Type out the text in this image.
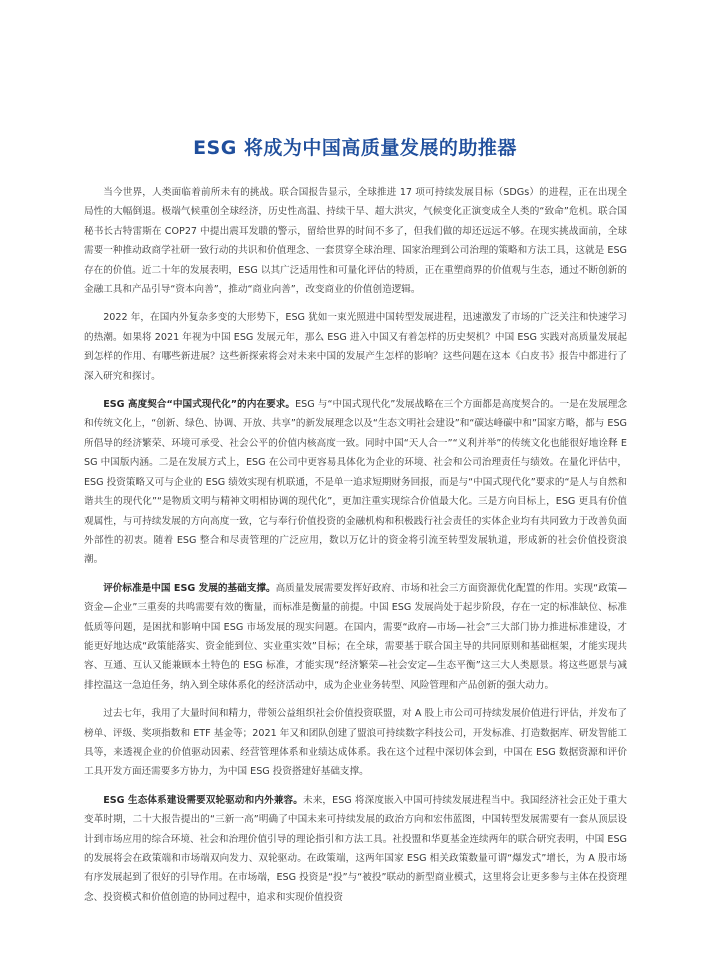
ESG 将成为中国高质量发展的助推器

当今世界，人类面临着前所未有的挑战。联合国报告显示，全球推进 17 项可持续发展目标（SDGs）的进程，正在出现全局性的大幅倒退。极端气候重创全球经济，历史性高温、持续干旱、超大洪灾，气候变化正演变成全人类的“致命”危机。联合国秘书长古特雷斯在 COP27 中提出震耳发聩的警示，留给世界的时间不多了，但我们做的却还远远不够。在现实挑战面前，全球需要一种推动政商学社研一致行动的共识和价值理念、一套贯穿全球治理、国家治理到公司治理的策略和方法工具，这就是 ESG 存在的价值。近二十年的发展表明，ESG 以其广泛适用性和可量化评估的特质，正在重塑商界的价值观与生态，通过不断创新的金融工具和产品引导“资本向善”，推动“商业向善”，改变商业的价值创造逻辑。

2022 年，在国内外复杂多变的大形势下，ESG 犹如一束光照进中国转型发展进程，迅速激发了市场的广泛关注和快速学习的热潮。如果将 2021 年视为中国 ESG 发展元年，那么 ESG 进入中国又有着怎样的历史契机？中国 ESG 实践对高质量发展起到怎样的作用、有哪些新进展？这些新探索将会对未来中国的发展产生怎样的影响？这些问题在这本《白皮书》报告中都进行了深入研究和探讨。

ESG 高度契合“中国式现代化”的内在要求。ESG 与“中国式现代化”发展战略在三个方面都是高度契合的。一是在发展理念和传统文化上，“创新、绿色、协调、开放、共享”的新发展理念以及“生态文明社会建设”和“碳达峰碳中和”国家方略，都与 ESG 所倡导的经济繁荣、环境可承受、社会公平的价值内核高度一致。同时中国“天人合一”“义利并举”的传统文化也能很好地诠释 ESG 中国版内涵。二是在发展方式上，ESG 在公司中更容易具体化为企业的环境、社会和公司治理责任与绩效。在量化评估中，ESG 投资策略又可与企业的 ESG 绩效实现有机联通，不是单一追求短期财务回报，而是与“中国式现代化”要求的“是人与自然和谐共生的现代化”“是物质文明与精神文明相协调的现代化”，更加注重实现综合价值最大化。三是方向目标上，ESG 更具有价值观属性，与可持续发展的方向高度一致，它与奉行价值投资的金融机构和积极践行社会责任的实体企业均有共同致力于改善负面外部性的初衷。随着 ESG 整合和尽责管理的广泛应用，数以万亿计的资金将引流至转型发展轨道，形成新的社会价值投资浪潮。

评价标准是中国 ESG 发展的基础支撑。高质量发展需要发挥好政府、市场和社会三方面资源优化配置的作用。实现“政策—资金—企业”三重奏的共鸣需要有效的衡量，而标准是衡量的前提。中国 ESG 发展尚处于起步阶段，存在一定的标准缺位、标准低质等问题，是困扰和影响中国 ESG 市场发展的现实问题。在国内，需要“政府—市场—社会”三大部门协力推进标准建设，才能更好地达成“政策能落实、资金能到位、实业重实效”目标；在全球，需要基于联合国主导的共同原则和基础框架，才能实现共容、互通、互认又能兼顾本土特色的 ESG 标准，才能实现“经济繁荣—社会安定—生态平衡”这三大人类愿景。将这些愿景与减排控温这一急迫任务，纳入到全球体系化的经济活动中，成为企业业务转型、风险管理和产品创新的强大动力。

过去七年，我用了大量时间和精力，带领公益组织社会价值投资联盟，对 A 股上市公司可持续发展价值进行评估，并发布了榜单、评级、奖项指数和 ETF 基金等；2021 年又和团队创建了盟浪可持续数字科技公司，开发标准、打造数据库、研发智能工具等，来透视企业的价值驱动因素、经营管理体系和业绩达成体系。我在这个过程中深切体会到，中国在 ESG 数据资源和评价工具开发方面还需要多方协力，为中国 ESG 投资搭建好基础支撑。

ESG 生态体系建设需要双轮驱动和内外兼容。未来，ESG 将深度嵌入中国可持续发展进程当中。我国经济社会正处于重大变革时期，二十大报告提出的“三新一高”明确了中国未来可持续发展的政治方向和宏伟蓝图，中国转型发展需要有一套从顶层设计到市场应用的综合环境、社会和治理价值引导的理论指引和方法工具。社投盟和华夏基金连续两年的联合研究表明，中国 ESG 的发展将会在政策端和市场端双向发力、双轮驱动。在政策端，这两年国家 ESG 相关政策数量可谓“爆发式”增长，为 A 股市场有序发展起到了很好的引导作用。在市场端，ESG 投资是“投”与“被投”联动的新型商业模式，这里将会让更多参与主体在投资理念、投资模式和价值创造的协同过程中，追求和实现价值投资
